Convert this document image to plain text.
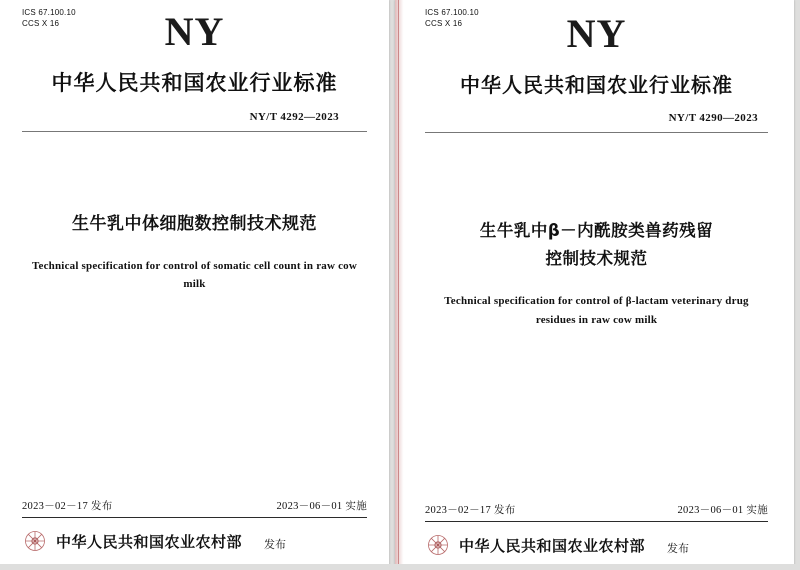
ICS 67.100.10
CCS X 16	NY
中华人民共和国农业行业标准
NY/T 4292—2023
生牛乳中体细胞数控制技术规范
Technical specification for control of somatic cell count in raw cow milk
2023－02－17 发布	2023－06－01 实施
中华人民共和国农业农村部 发布
ICS 67.100.10
CCS X 16	NY
中华人民共和国农业行业标准
NY/T 4290—2023
生牛乳中β－内酰胺类兽药残留
控制技术规范
Technical specification for control of β-lactam veterinary drug
residues in raw cow milk
2023－02－17 发布	2023－06－01 实施
中华人民共和国农业农村部 发布
